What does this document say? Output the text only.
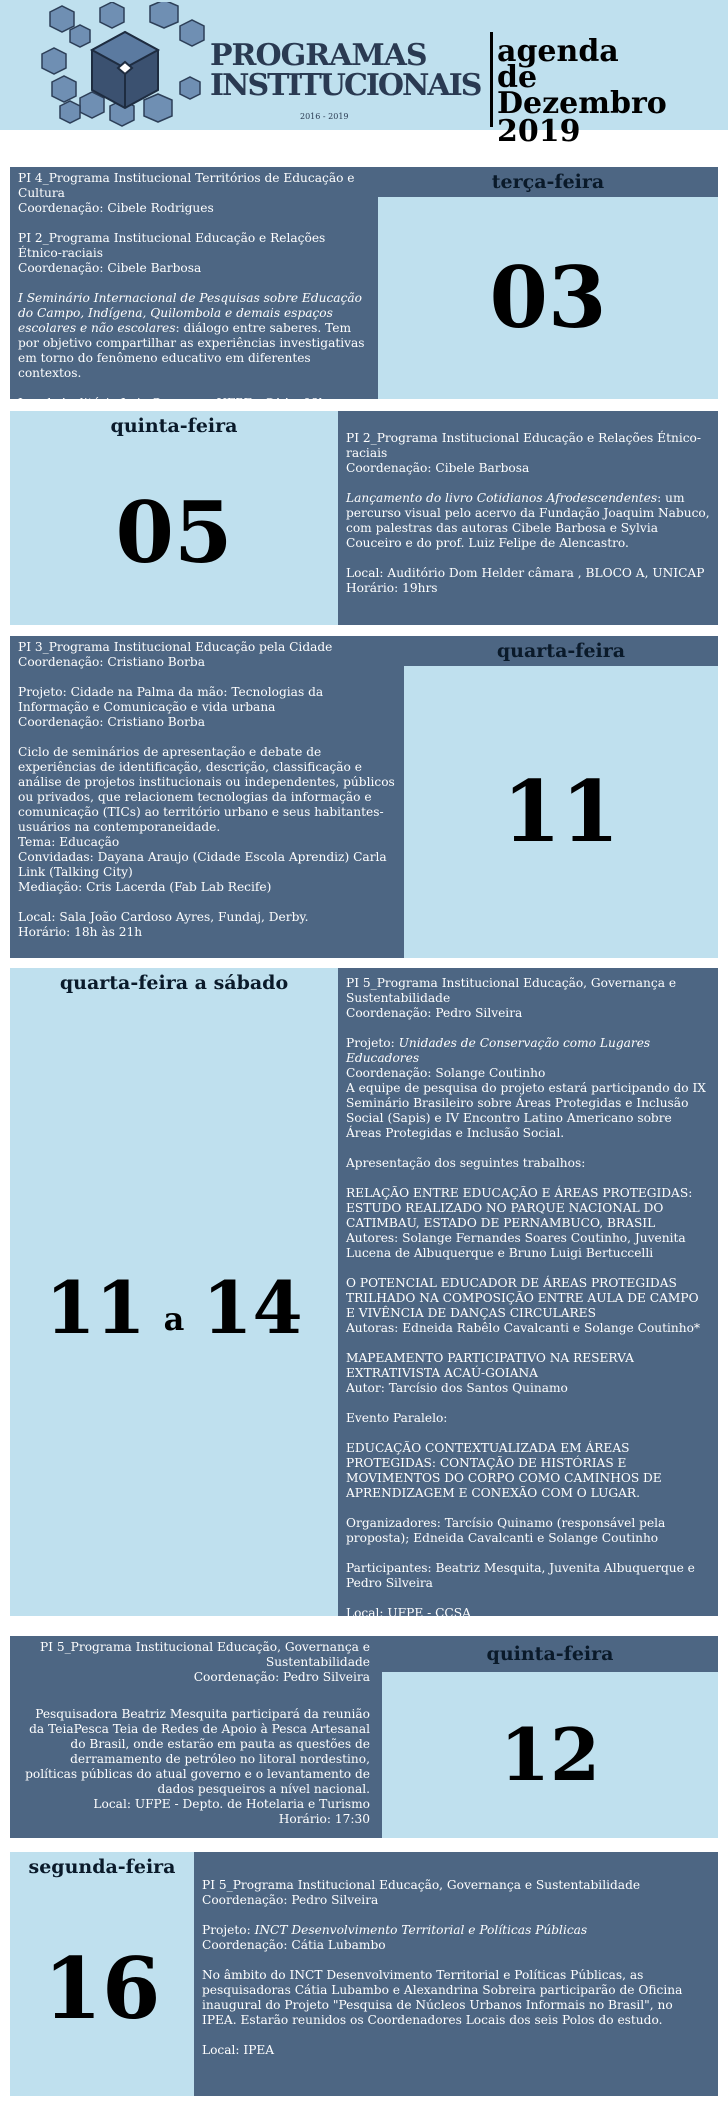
PROGRAMAS
INSTITUCIONAIS
2016 - 2019
agenda
de
Dezembro 2019

PI 4_Programa Institucional Territórios de Educação e Cultura
Coordenação: Cibele Rodrigues

PI 2_Programa Institucional Educação e Relações Étnico-raciais
Coordenação: Cibele Barbosa

I Seminário Internacional de Pesquisas sobre Educação do Campo, Indígena, Quilombola e demais espaços escolares e não escolares: diálogo entre saberes. Tem por objetivo compartilhar as experiências investigativas em torno do fenômeno educativo em diferentes contextos.

Local: Auditório Luiz Gonzaga - UFPE - CAA - 08hrs

terça-feira
03
quinta-feira
05

PI 2_Programa Institucional Educação e Relações Étnico-raciais
Coordenação: Cibele Barbosa

Lançamento do livro Cotidianos Afrodescendentes: um percurso visual pelo acervo da Fundação Joaquim Nabuco, com palestras das autoras Cibele Barbosa e Sylvia Couceiro e do prof. Luiz Felipe de Alencastro.

Local: Auditório Dom Helder câmara , BLOCO A, UNICAP
Horário: 19hrs

PI 3_Programa Institucional Educação pela Cidade
Coordenação: Cristiano Borba

Projeto: Cidade na Palma da mão: Tecnologias da Informação e Comunicação e vida urbana
Coordenação: Cristiano Borba

Ciclo de seminários de apresentação e debate de experiências de identificação, descrição, classificação e análise de projetos institucionais ou independentes, públicos ou privados, que relacionem tecnologias da informação e comunicação (TICs) ao território urbano e seus habitantes-usuários na contemporaneidade.
Tema: Educação
Convidadas: Dayana Araujo (Cidade Escola Aprendiz) Carla Link (Talking City)
Mediação: Cris Lacerda (Fab Lab Recife)

Local: Sala João Cardoso Ayres, Fundaj, Derby.
Horário: 18h às 21h

quarta-feira
11
quarta-feira a sábado
11 a 14

PI 5_Programa Institucional Educação, Governança e Sustentabilidade
Coordenação: Pedro Silveira

Projeto: Unidades de Conservação como Lugares Educadores
Coordenação: Solange Coutinho
A equipe de pesquisa do projeto estará participando do IX Seminário Brasileiro sobre Áreas Protegidas e Inclusão Social (Sapis) e IV Encontro Latino Americano sobre Áreas Protegidas e Inclusão Social.

Apresentação dos seguintes trabalhos:

RELAÇÃO ENTRE EDUCAÇÃO E ÁREAS PROTEGIDAS: ESTUDO REALIZADO NO PARQUE NACIONAL DO CATIMBAU, ESTADO DE PERNAMBUCO, BRASIL
Autores: Solange Fernandes Soares Coutinho, Juvenita Lucena de Albuquerque e Bruno Luigi Bertuccelli

O POTENCIAL EDUCADOR DE ÁREAS PROTEGIDAS TRILHADO NA COMPOSIÇÃO ENTRE AULA DE CAMPO E VIVÊNCIA DE DANÇAS CIRCULARES
Autoras: Edneida Rabêlo Cavalcanti e Solange Coutinho*

MAPEAMENTO PARTICIPATIVO NA RESERVA EXTRATIVISTA ACAÚ-GOIANA
Autor: Tarcísio dos Santos Quinamo

Evento Paralelo:

EDUCAÇÃO CONTEXTUALIZADA EM ÁREAS PROTEGIDAS: CONTAÇÃO DE HISTÓRIAS E MOVIMENTOS DO CORPO COMO CAMINHOS DE APRENDIZAGEM E CONEXÃO COM O LUGAR.

Organizadores: Tarcísio Quinamo (responsável pela proposta); Edneida Cavalcanti e Solange Coutinho

Participantes: Beatriz Mesquita, Juvenita Albuquerque e Pedro Silveira

Local: UFPE - CCSA
Horário: 08h:30

PI 5_Programa Institucional Educação, Governança e Sustentabilidade
Coordenação: Pedro Silveira

Pesquisadora Beatriz Mesquita participará da reunião da TeiaPesca Teia de Redes de Apoio à Pesca Artesanal do Brasil, onde estarão em pauta as questões de derramamento de petróleo no litoral nordestino, políticas públicas do atual governo e o levantamento de dados pesqueiros a nível nacional.
Local: UFPE - Depto. de Hotelaria e Turismo
Horário: 17:30

quinta-feira
12
segunda-feira
16

PI 5_Programa Institucional Educação, Governança e Sustentabilidade
Coordenação: Pedro Silveira

Projeto: INCT Desenvolvimento Territorial e Políticas Públicas
Coordenação: Cátia Lubambo

No âmbito do INCT Desenvolvimento Territorial e Políticas Públicas, as pesquisadoras Cátia Lubambo e Alexandrina Sobreira participarão de Oficina inaugural do Projeto "Pesquisa de Núcleos Urbanos Informais no Brasil", no IPEA. Estarão reunidos os Coordenadores Locais dos seis Polos do estudo.

Local: IPEA
